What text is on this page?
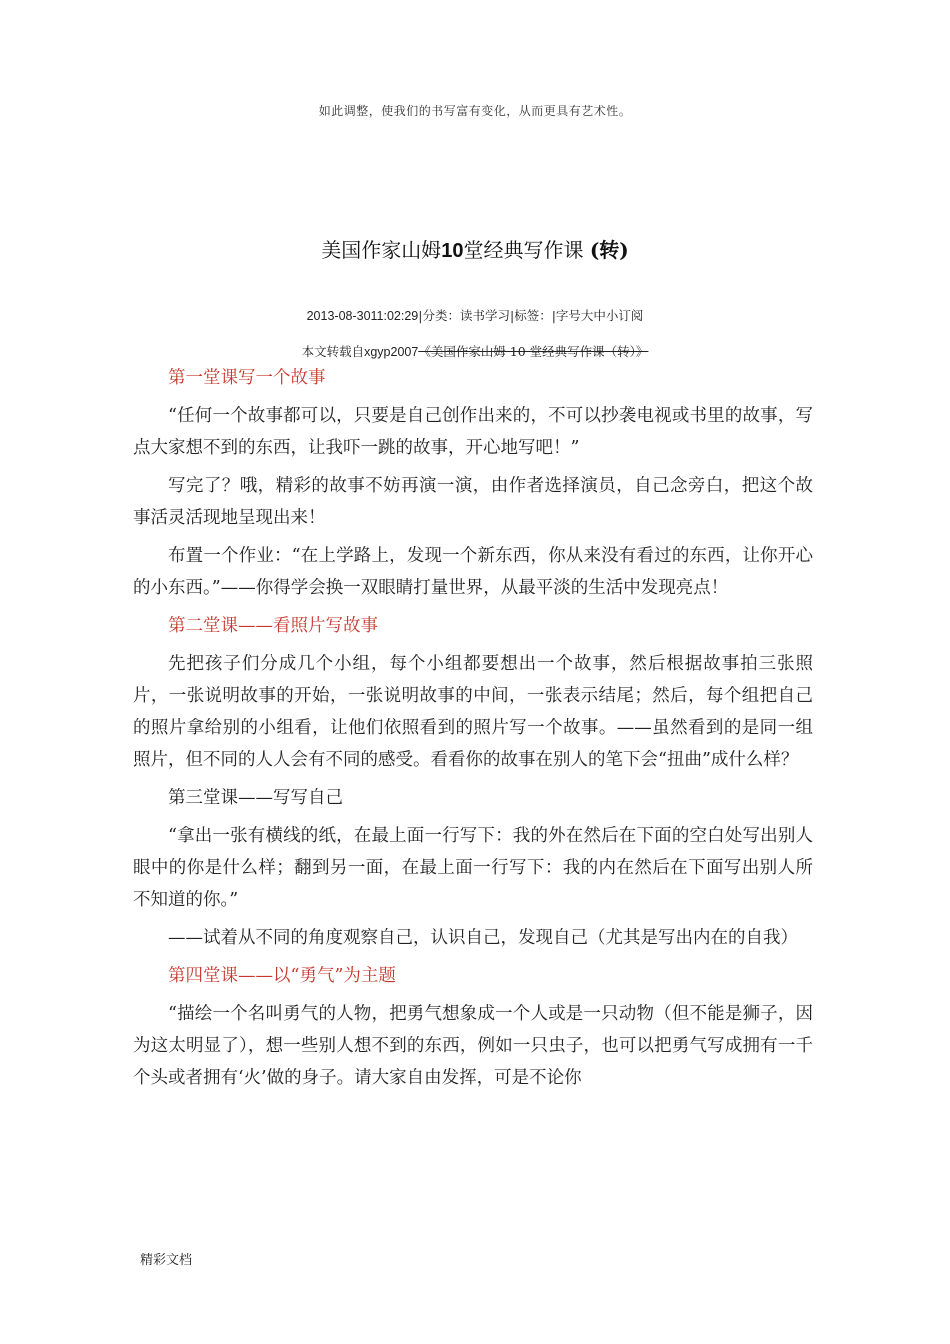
如此调整，使我们的书写富有变化，从而更具有艺术性。
美国作家山姆10堂经典写作课 (转)
2013-08-3011:02:29|分类：读书学习|标签：|字号大中小订阅
本文转载自xgyp2007《美国作家山姆 10 堂经典写作课（转）》
第一堂课写一个故事

“任何一个故事都可以，只要是自己创作出来的，不可以抄袭电视或书里的故事，写点大家想不到的东西，让我吓一跳的故事，开心地写吧！”

写完了？哦，精彩的故事不妨再演一演，由作者选择演员，自己念旁白，把这个故事活灵活现地呈现出来！

布置一个作业：“在上学路上，发现一个新东西，你从来没有看过的东西，让你开心的小东西。”——你得学会换一双眼睛打量世界，从最平淡的生活中发现亮点！

第二堂课——看照片写故事

先把孩子们分成几个小组，每个小组都要想出一个故事，然后根据故事拍三张照片，一张说明故事的开始，一张说明故事的中间，一张表示结尾；然后，每个组把自己的照片拿给别的小组看，让他们依照看到的照片写一个故事。——虽然看到的是同一组照片，但不同的人人会有不同的感受。看看你的故事在别人的笔下会“扭曲”成什么样？

第三堂课——写写自己

“拿出一张有横线的纸，在最上面一行写下：我的外在然后在下面的空白处写出别人眼中的你是什么样；翻到另一面，在最上面一行写下：我的内在然后在下面写出别人所不知道的你。”

——试着从不同的角度观察自己，认识自己，发现自己（尤其是写出内在的自我）

第四堂课——以“勇气”为主题

“描绘一个名叫勇气的人物，把勇气想象成一个人或是一只动物（但不能是狮子，因为这太明显了），想一些别人想不到的东西，例如一只虫子，也可以把勇气写成拥有一千个头或者拥有‘火’做的身子。请大家自由发挥，可是不论你

精彩文档
